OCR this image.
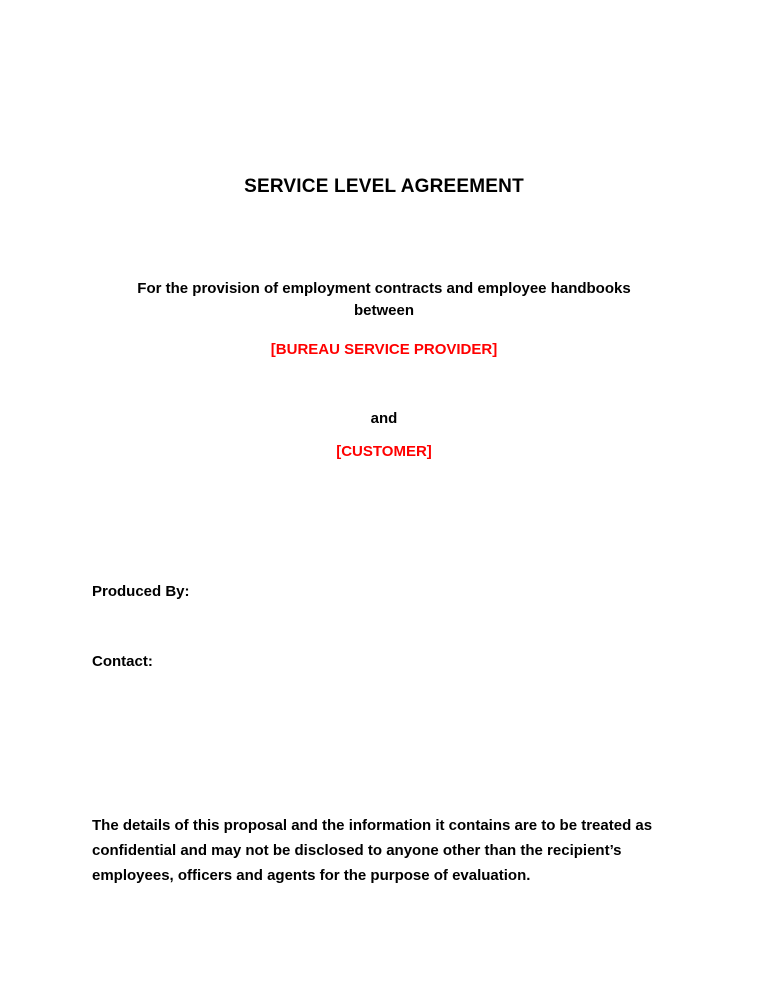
SERVICE LEVEL AGREEMENT
For the provision of employment contracts and employee handbooks between
[BUREAU SERVICE PROVIDER]
and
[CUSTOMER]
Produced By:
Contact:
The details of this proposal and the information it contains are to be treated as confidential and may not be disclosed to anyone other than the recipient’s employees, officers and agents for the purpose of evaluation.
